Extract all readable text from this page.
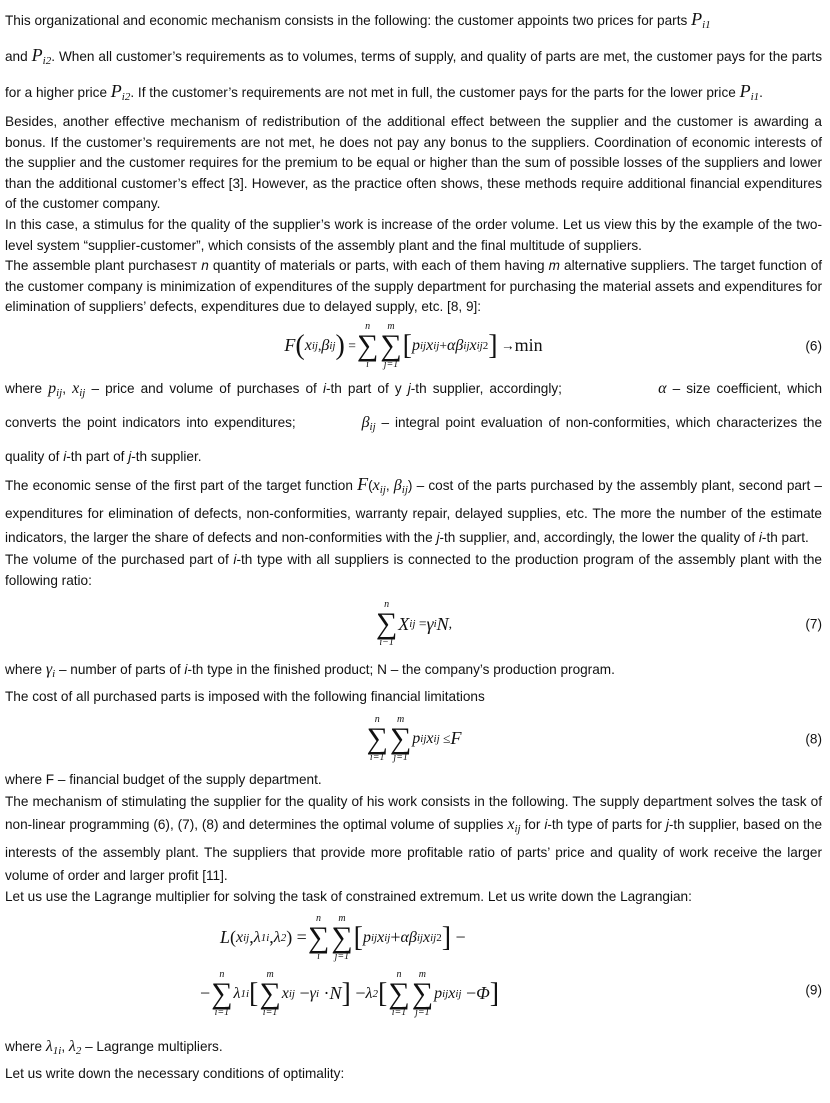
This organizational and economic mechanism consists in the following: the customer appoints two prices for parts $P_{i1}$
and $P_{i2}$. When all customer’s requirements as to volumes, terms of supply, and quality of parts are met, the customer pays for the parts for a higher price $P_{i2}$. If the customer’s requirements are not met in full, the customer pays for the parts for the lower price $P_{i1}$.

Besides, another effective mechanism of redistribution of the additional effect between the supplier and the customer is awarding a bonus. If the customer’s requirements are not met, he does not pay any bonus to the suppliers. Coordination of economic interests of the supplier and the customer requires for the premium to be equal or higher than the sum of possible losses of the suppliers and lower than the additional customer’s effect [3]. However, as the practice often shows, these methods require additional financial expenditures of the customer company.

In this case, a stimulus for the quality of the supplier’s work is increase of the order volume. Let us view this by the example of the two-level system “supplier-customer”, which consists of the assembly plant and the final multitude of suppliers.

The assemble plant purchasesт n quantity of materials or parts, with each of them having m alternative suppliers. The target function of the customer company is minimization of expenditures of the supply department for purchasing the material assets and expenditures for elimination of suppliers’ defects, expenditures due to delayed supply, etc. [8, 9]:

F ( x ij , β ij ) =
n
∑
i
m
∑
j=1
[ p ij x ij + αβ ij x ij 2 ] → min	(6)

where $p_{ij}$, $x_{ij}$ – price and volume of purchases of i-th part of y j-th supplier, accordingly;	α – size coefficient, which converts the point indicators into expenditures;	$\beta_{ij}$ – integral point evaluation of non-conformities, which characterizes the quality of i-th part of j-th supplier.

The economic sense of the first part of the target function $F(x_{ij}$, $\beta_{ij}$) – cost of the parts purchased by the assembly plant, second part – expenditures for elimination of defects, non-conformities, warranty repair, delayed supplies, etc. The more the number of the estimate indicators, the larger the share of defects and non-conformities with the j-th supplier, and, accordingly, the lower the quality of i-th part.

The volume of the purchased part of i-th type with all suppliers is connected to the production program of the assembly plant with the following ratio:

n
∑
i−1
X ij = γ i N ,	(7)

where $\gamma_i$ – number of parts of i-th type in the finished product; N – the company’s production program.

The cost of all purchased parts is imposed with the following financial limitations

n
∑
i=1
m
∑
j=1
p ij x ij ≤ F	(8)

where F – financial budget of the supply department.

The mechanism of stimulating the supplier for the quality of his work consists in the following. The supply department solves the task of non-linear programming (6), (7), (8) and determines the optimal volume of supplies $x_{ij}$ for i-th type of parts for j-th supplier, based on the interests of the assembly plant. The suppliers that provide more profitable ratio of parts’ price and quality of work receive the larger volume of order and larger profit [11].

Let us use the Lagrange multiplier for solving the task of constrained extremum. Let us write down the Lagrangian:

L ( x ij , λ 1i , λ 2 ) =
n
∑
i
m
∑
j=1
[ p ij x ij + αβ ij x ij 2 ] −
−
n
∑
i=1
λ 1i [
m
∑
i=1
x ij − γ i · N ] − λ 2 [
n
∑
i=1
m
∑
j=1
p ij x ij − Φ ]	(9)

where $\lambda_{1i}$, $\lambda_2$ – Lagrange multipliers.

Let us write down the necessary conditions of optimality:
